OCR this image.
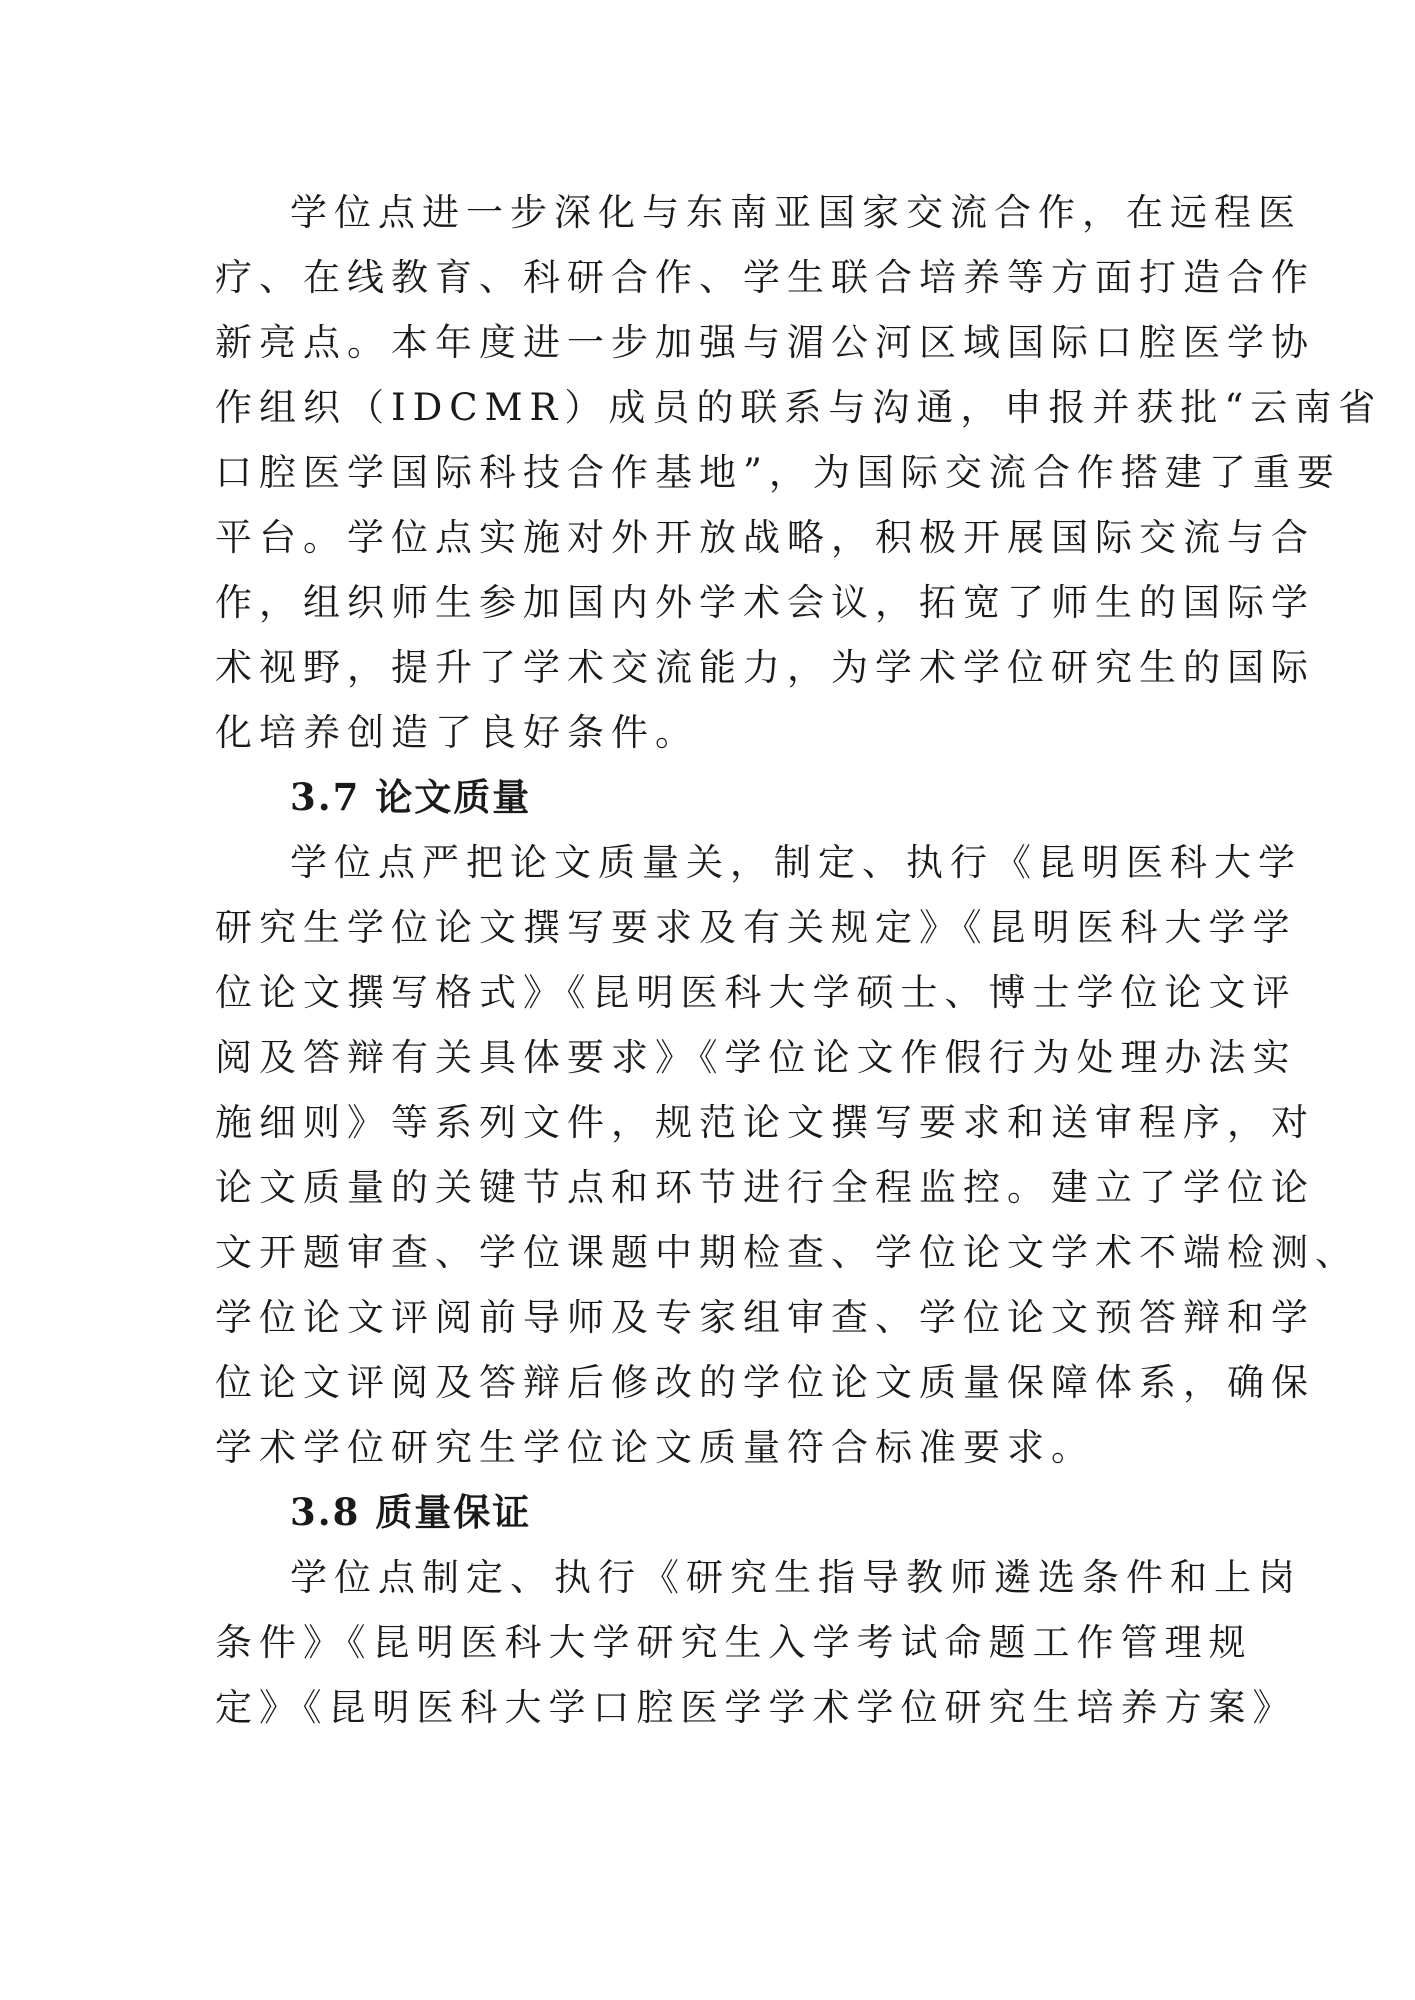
学位点进一步深化与东南亚国家交流合作，在远程医
疗、在线教育、科研合作、学生联合培养等方面打造合作
新亮点。本年度进一步加强与湄公河区域国际口腔医学协
作组织（IDCMR）成员的联系与沟通，申报并获批“云南省
口腔医学国际科技合作基地”，为国际交流合作搭建了重要
平台。学位点实施对外开放战略，积极开展国际交流与合
作，组织师生参加国内外学术会议，拓宽了师生的国际学
术视野，提升了学术交流能力，为学术学位研究生的国际
化培养创造了良好条件。
3.7 论文质量
学位点严把论文质量关，制定、执行《昆明医科大学
研究生学位论文撰写要求及有关规定》《昆明医科大学学
位论文撰写格式》《昆明医科大学硕士、博士学位论文评
阅及答辩有关具体要求》《学位论文作假行为处理办法实
施细则》等系列文件，规范论文撰写要求和送审程序，对
论文质量的关键节点和环节进行全程监控。建立了学位论
文开题审查、学位课题中期检查、学位论文学术不端检测、
学位论文评阅前导师及专家组审查、学位论文预答辩和学
位论文评阅及答辩后修改的学位论文质量保障体系，确保
学术学位研究生学位论文质量符合标准要求。
3.8 质量保证
学位点制定、执行《研究生指导教师遴选条件和上岗
条件》《昆明医科大学研究生入学考试命题工作管理规
定》《昆明医科大学口腔医学学术学位研究生培养方案》
